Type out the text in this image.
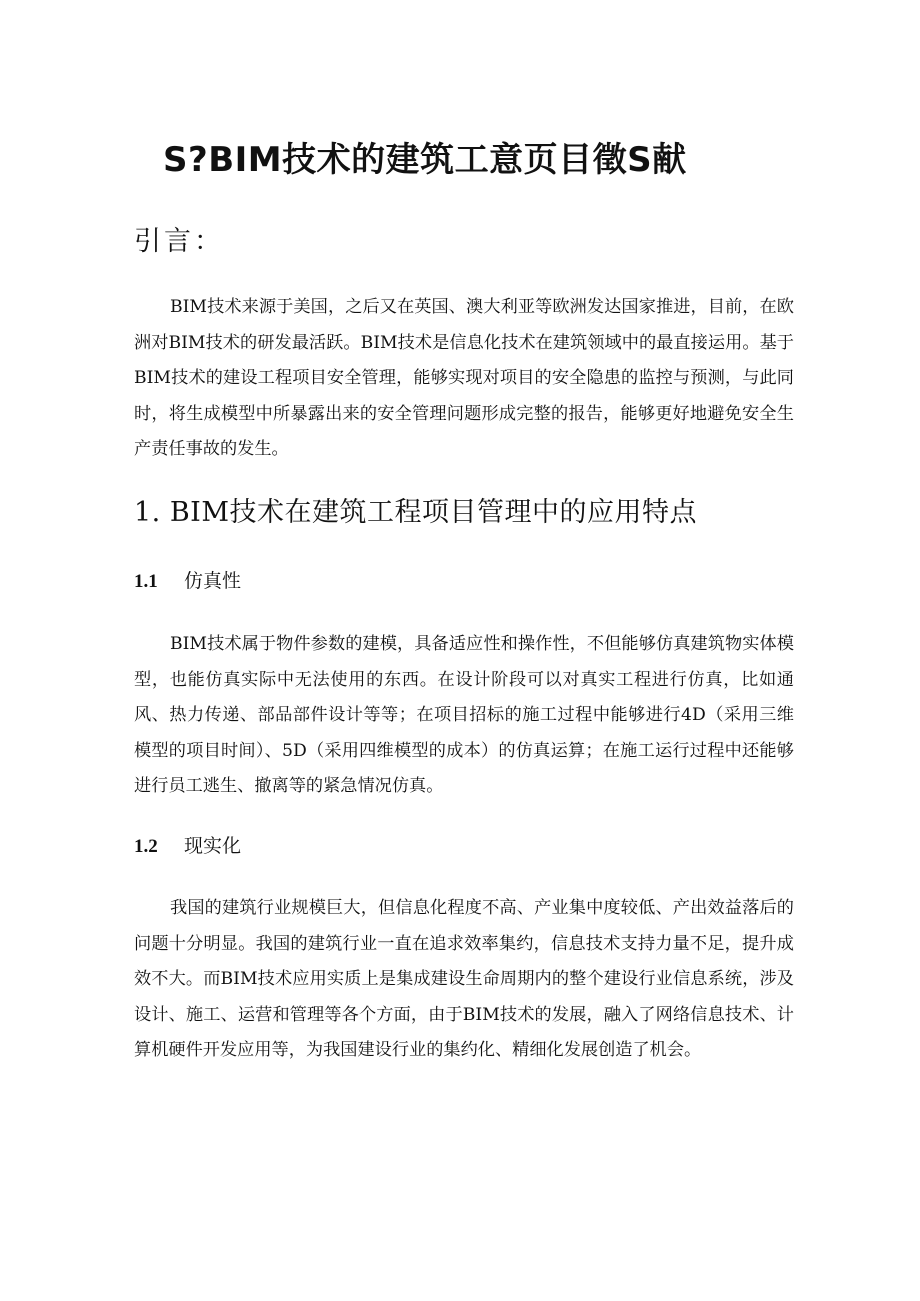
S?BIM技术的建筑工意页目徵S献
引言：

BIM技术来源于美国，之后又在英国、澳大利亚等欧洲发达国家推进，目前，在欧洲对BIM技术的研发最活跃。BIM技术是信息化技术在建筑领域中的最直接运用。基于BIM技术的建设工程项目安全管理，能够实现对项目的安全隐患的监控与预测，与此同时，将生成模型中所暴露出来的安全管理问题形成完整的报告，能够更好地避免安全生产责任事故的发生。

1. BIM技术在建筑工程项目管理中的应用特点
1.1 仿真性

BIM技术属于物件参数的建模，具备适应性和操作性，不但能够仿真建筑物实体模型，也能仿真实际中无法使用的东西。在设计阶段可以对真实工程进行仿真，比如通风、热力传递、部品部件设计等等；在项目招标的施工过程中能够进行4D（采用三维模型的项目时间）、5D（采用四维模型的成本）的仿真运算；在施工运行过程中还能够进行员工逃生、撤离等的紧急情况仿真。

1.2 现实化

我国的建筑行业规模巨大，但信息化程度不高、产业集中度较低、产出效益落后的问题十分明显。我国的建筑行业一直在追求效率集约，信息技术支持力量不足，提升成效不大。而BIM技术应用实质上是集成建设生命周期内的整个建设行业信息系统，涉及设计、施工、运营和管理等各个方面，由于BIM技术的发展，融入了网络信息技术、计算机硬件开发应用等，为我国建设行业的集约化、精细化发展创造了机会。
